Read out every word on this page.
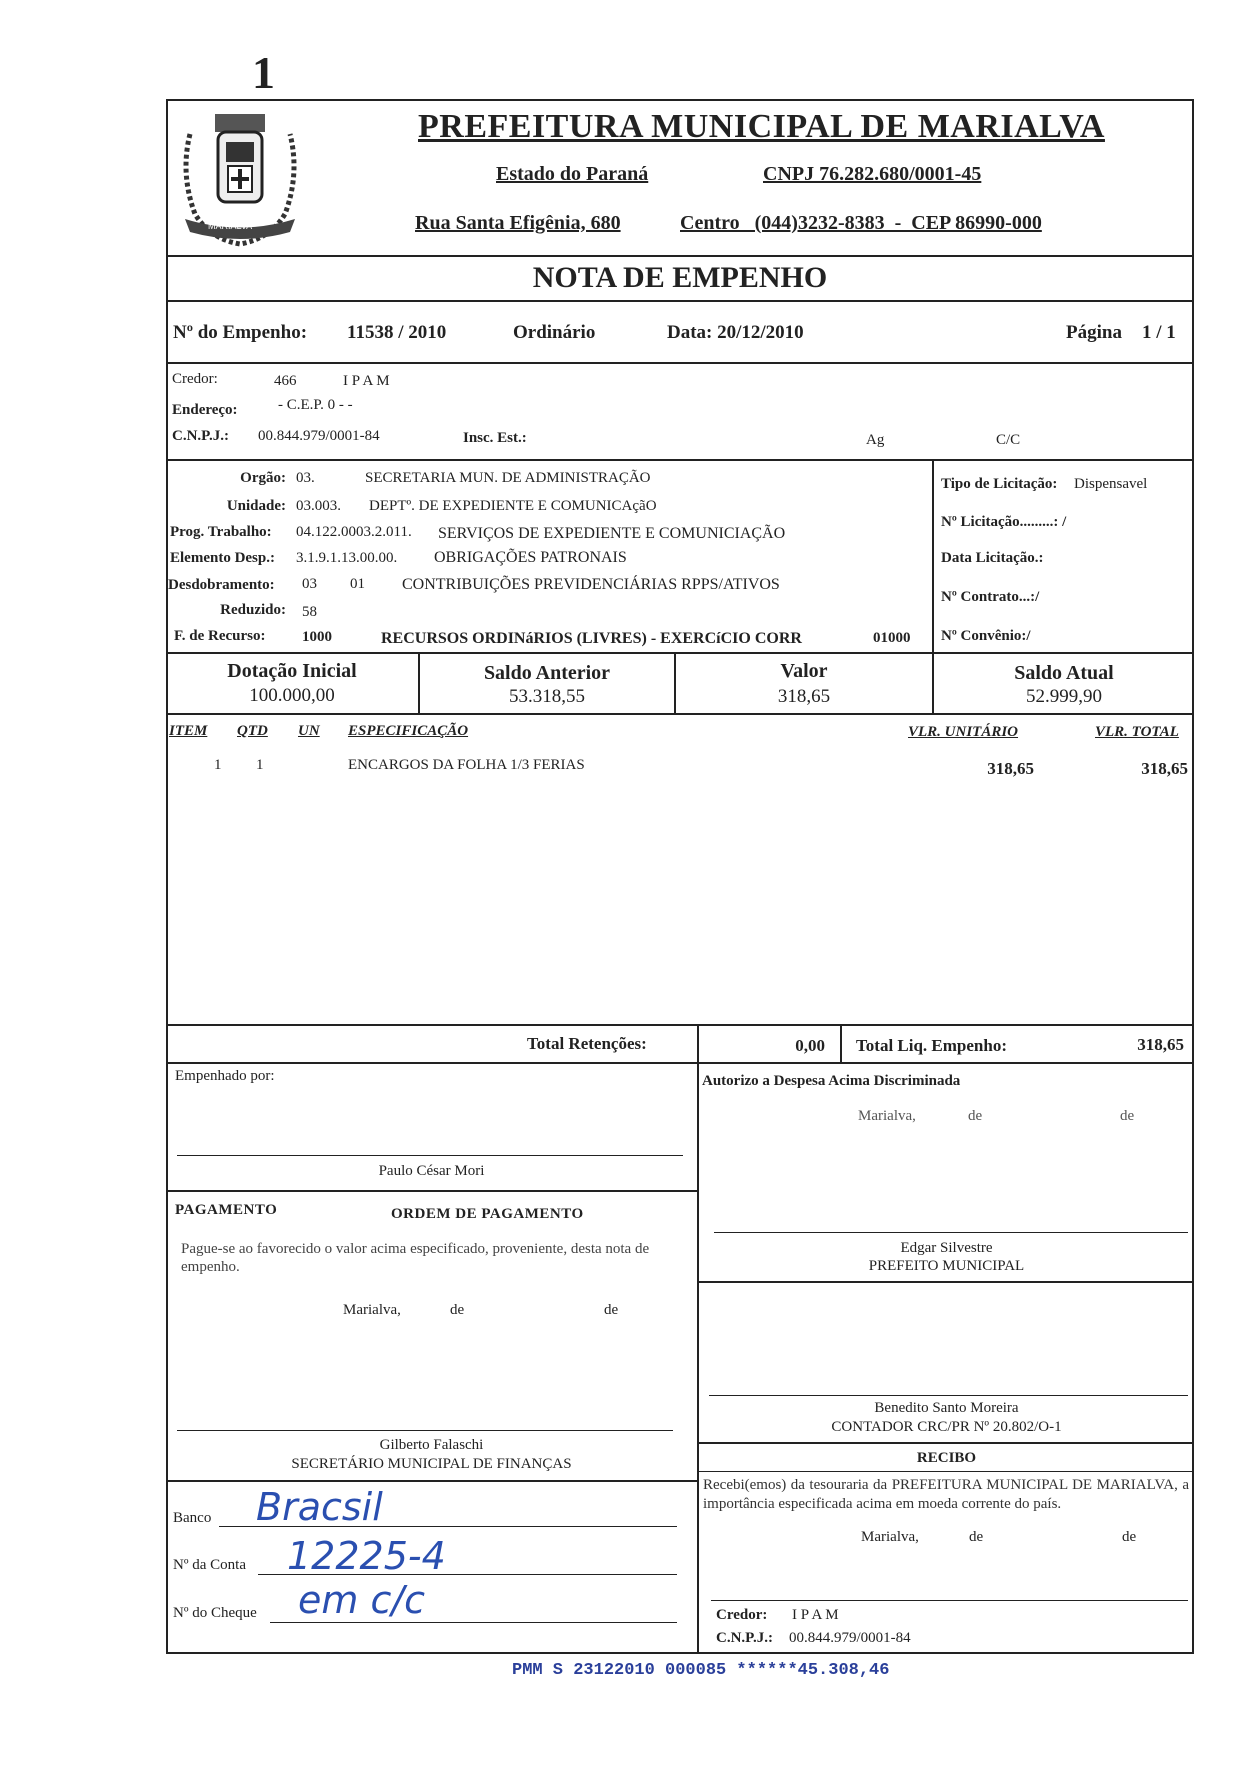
1
MARIALVA
PREFEITURA MUNICIPAL DE MARIALVA
Estado do Paraná	CNPJ 76.282.680/0001-45
Rua Santa Efigênia, 680	Centro   (044)3232-8383  -  CEP 86990-000
NOTA DE EMPENHO
Nº do Empenho: 11538 / 2010	Ordinário	Data: 20/12/2010	Página 1 / 1
Credor:	466	I P A M
Endereço:	- C.E.P. 0 - -
C.N.P.J.: 00.844.979/0001-84	Insc. Est.:	Ag	C/C
Orgão: 03.	SECRETARIA MUN. DE ADMINISTRAÇÃO
Unidade: 03.003. DEPTº. DE EXPEDIENTE E COMUNICAçãO
Prog. Trabalho: 04.122.0003.2.011. SERVIÇOS DE EXPEDIENTE E COMUNICIAÇÃO
Elemento Desp.: 3.1.9.1.13.00.00. OBRIGAÇÕES PATRONAIS
Desdobramento: 03 01 CONTRIBUIÇÕES PREVIDENCIÁRIAS RPPS/ATIVOS
Reduzido: 58
F. de Recurso: 1000	RECURSOS ORDINáRIOS (LIVRES) - EXERCíCIO CORR	01000
Tipo de Licitação: Dispensavel
Nº Licitação.........: /
Data Licitação.:
Nº Contrato...:/
Nº Convênio:/
Dotação Inicial
100.000,00
Saldo Anterior
53.318,55
Valor
318,65
Saldo Atual
52.999,90
ITEM QTD UN ESPECIFICAÇÃO	VLR. UNITÁRIO	VLR. TOTAL
1 1	ENCARGOS DA FOLHA 1/3 FERIAS	318,65	318,65
Total Retenções:	0,00 Total Liq. Empenho:	318,65
Empenhado por:
Paulo César Mori
Autorizo a Despesa Acima Discriminada
Marialva,	de	de
Edgar Silvestre
PREFEITO MUNICIPAL
PAGAMENTO	ORDEM DE PAGAMENTO
Pague-se ao favorecido o valor acima especificado, proveniente, desta nota de empenho.
Marialva,	de	de
Gilberto Falaschi
SECRETÁRIO MUNICIPAL DE FINANÇAS
Benedito Santo Moreira
CONTADOR CRC/PR Nº 20.802/O-1
RECIBO
Recebi(emos) da tesouraria da PREFEITURA MUNICIPAL DE MARIALVA, a importância especificada acima em moeda corrente do país.
Marialva,	de	de
Credor: I P A M
C.N.P.J.: 00.844.979/0001-84
Banco Bracsil
Nº da Conta 12225-4
Nº do Cheque em c/c
PMM S 23122010 000085 ******45.308,46
